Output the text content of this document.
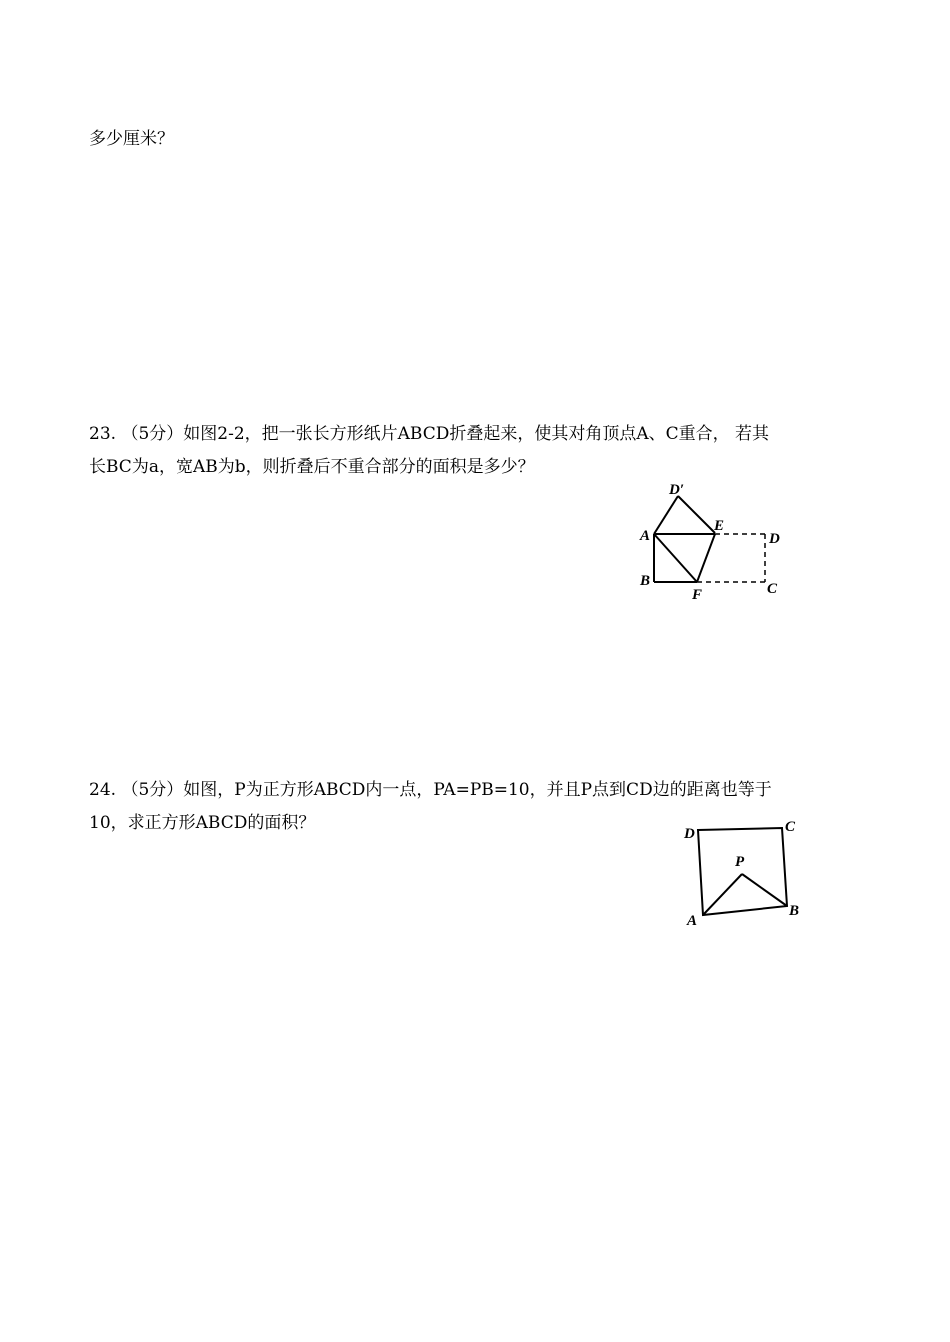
多少厘米？
23. （5分）如图2-2，把一张长方形纸片ABCD折叠起来，使其对角顶点A、C重合， 若其
长BC为a，宽AB为b，则折叠后不重合部分的面积是多少？
D′
A
E
D
B
F	C
24. （5分）如图，P为正方形ABCD内一点，PA=PB=10，并且P点到CD边的距离也等于
10，求正方形ABCD的面积？
D	C
P
A
B
